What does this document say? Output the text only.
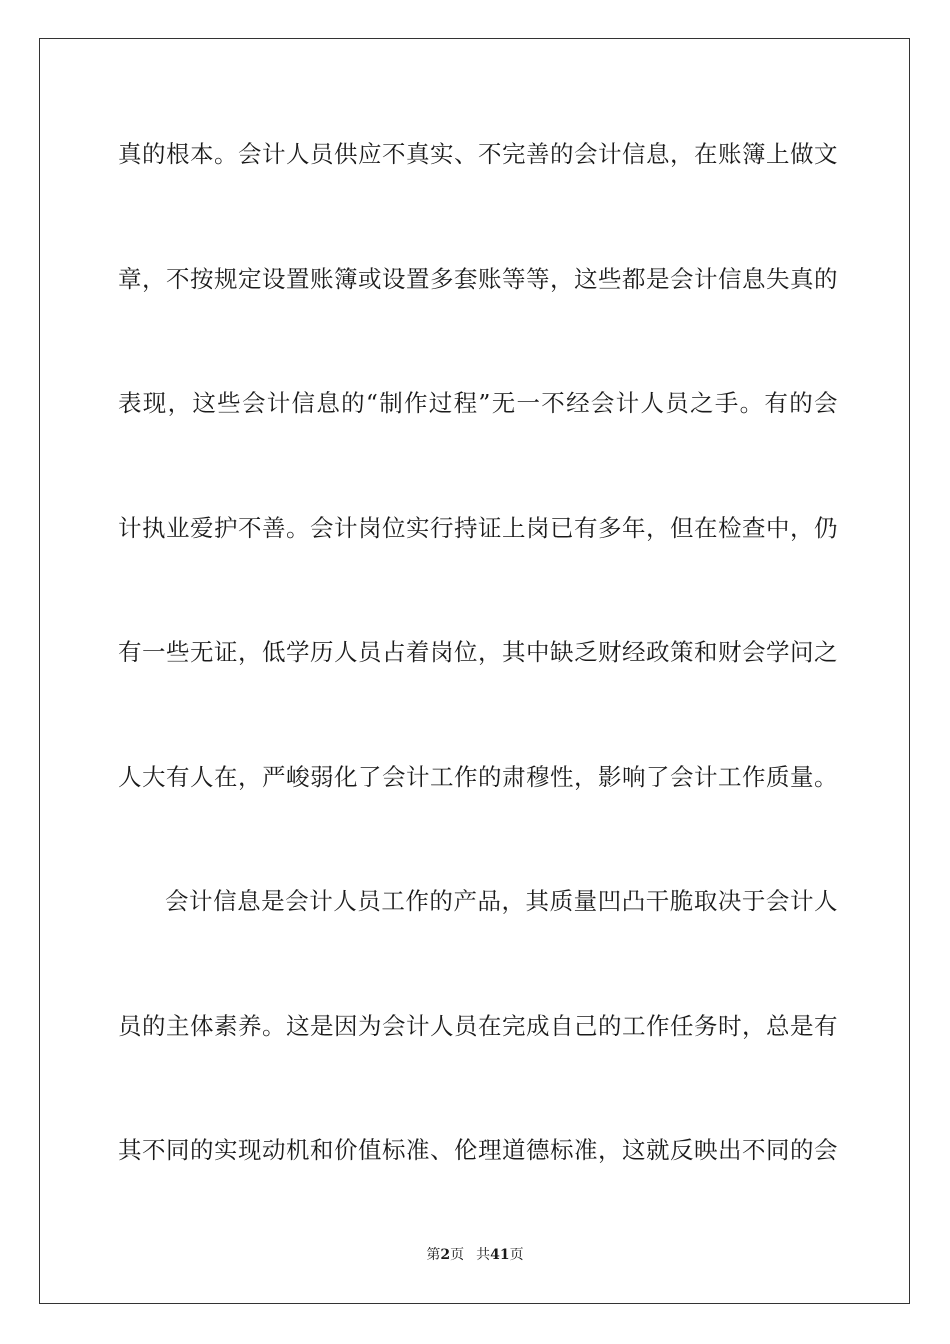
真的根本。会计人员供应不真实、不完善的会计信息，在账簿上做文
章，不按规定设置账簿或设置多套账等等，这些都是会计信息失真的
表现，这些会计信息的“制作过程”无一不经会计人员之手。有的会
计执业爱护不善。会计岗位实行持证上岗已有多年，但在检查中，仍
有一些无证，低学历人员占着岗位，其中缺乏财经政策和财会学问之
人大有人在，严峻弱化了会计工作的肃穆性，影响了会计工作质量。
会计信息是会计人员工作的产品，其质量凹凸干脆取决于会计人
员的主体素养。这是因为会计人员在完成自己的工作任务时，总是有
其不同的实现动机和价值标准、伦理道德标准，这就反映出不同的会
第2页 共41页
